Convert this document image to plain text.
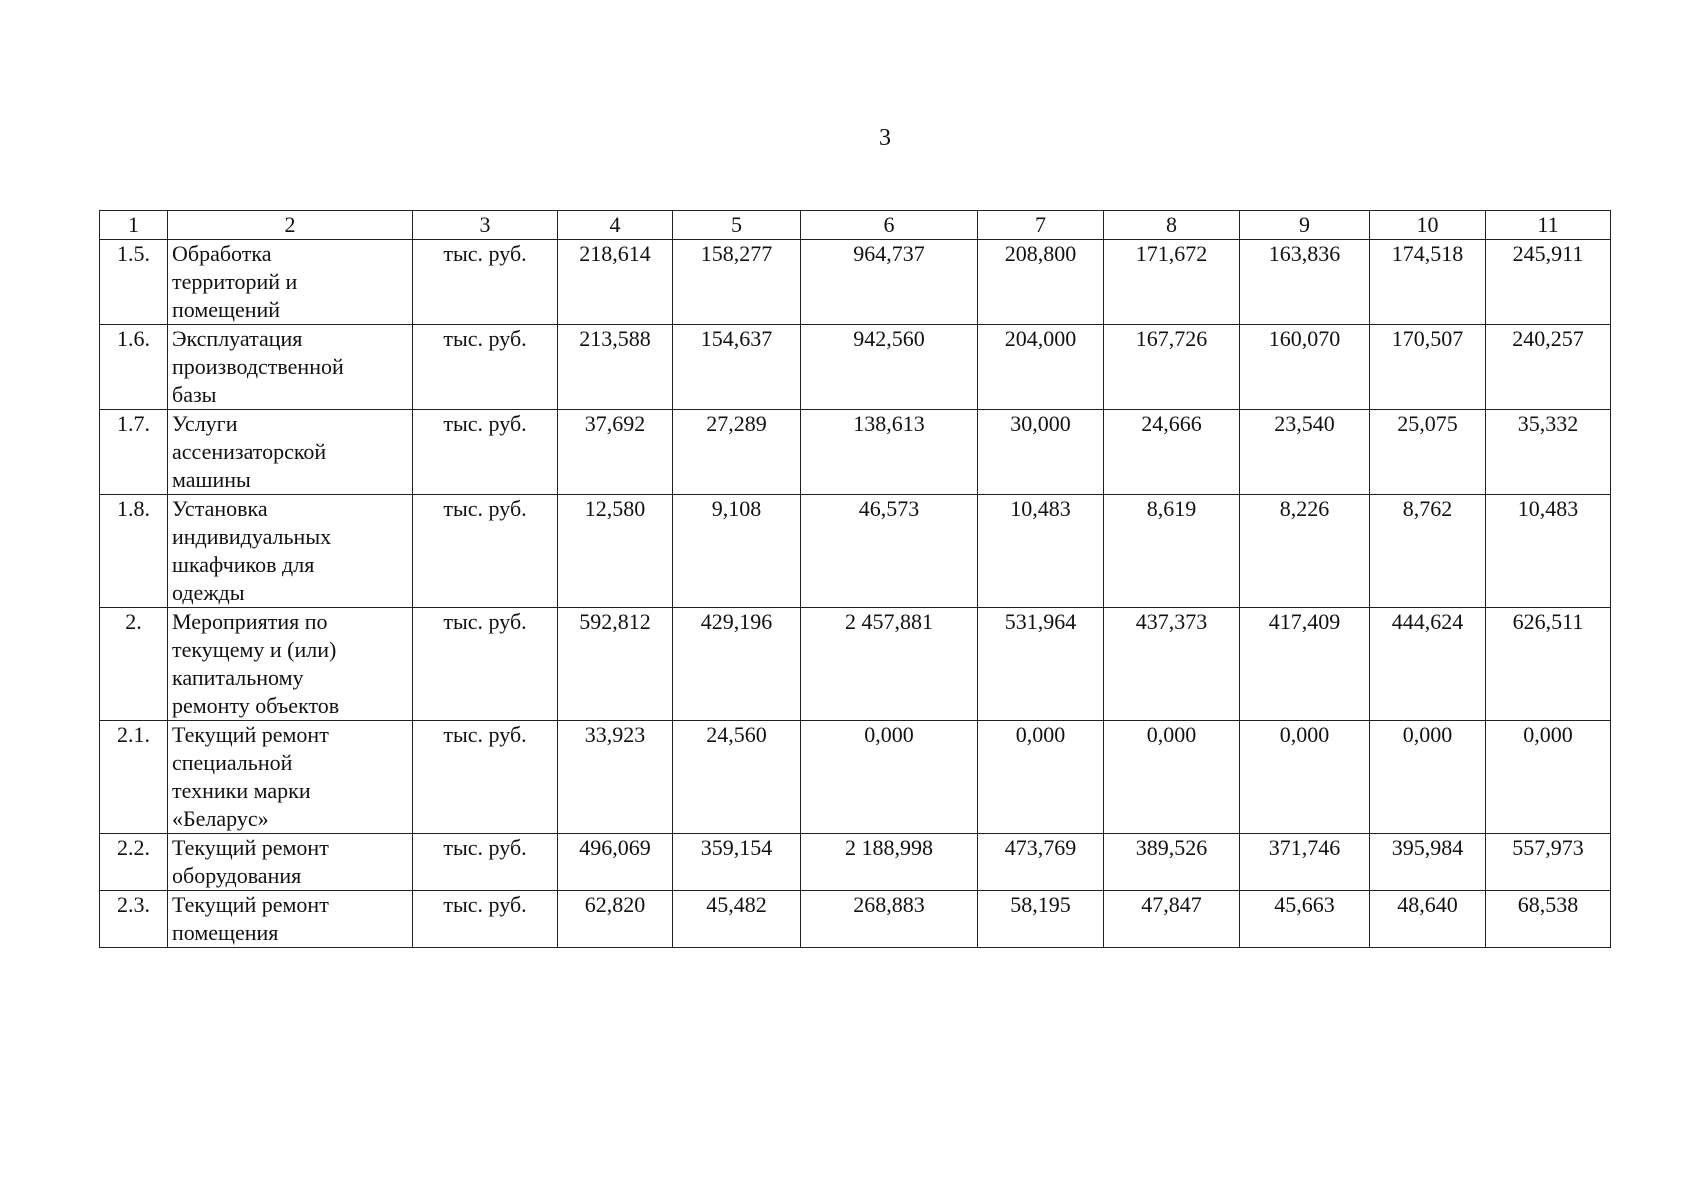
3
1	2	3	4	5	6	7	8	9	10	11
1.5.	Обработка
территорий и
помещений	тыс. руб.	218,614	158,277	964,737	208,800	171,672	163,836	174,518	245,911
1.6.	Эксплуатация
производственной
базы	тыс. руб.	213,588	154,637	942,560	204,000	167,726	160,070	170,507	240,257
1.7.	Услуги
ассенизаторской
машины	тыс. руб.	37,692	27,289	138,613	30,000	24,666	23,540	25,075	35,332
1.8.	Установка
индивидуальных
шкафчиков для
одежды	тыс. руб.	12,580	9,108	46,573	10,483	8,619	8,226	8,762	10,483
2.	Мероприятия по
текущему и (или)
капитальному
ремонту объектов	тыс. руб.	592,812	429,196	2 457,881	531,964	437,373	417,409	444,624	626,511
2.1.	Текущий ремонт
специальной
техники марки
«Беларус»	тыс. руб.	33,923	24,560	0,000	0,000	0,000	0,000	0,000	0,000
2.2.	Текущий ремонт
оборудования	тыс. руб.	496,069	359,154	2 188,998	473,769	389,526	371,746	395,984	557,973
2.3.	Текущий ремонт
помещения	тыс. руб.	62,820	45,482	268,883	58,195	47,847	45,663	48,640	68,538
